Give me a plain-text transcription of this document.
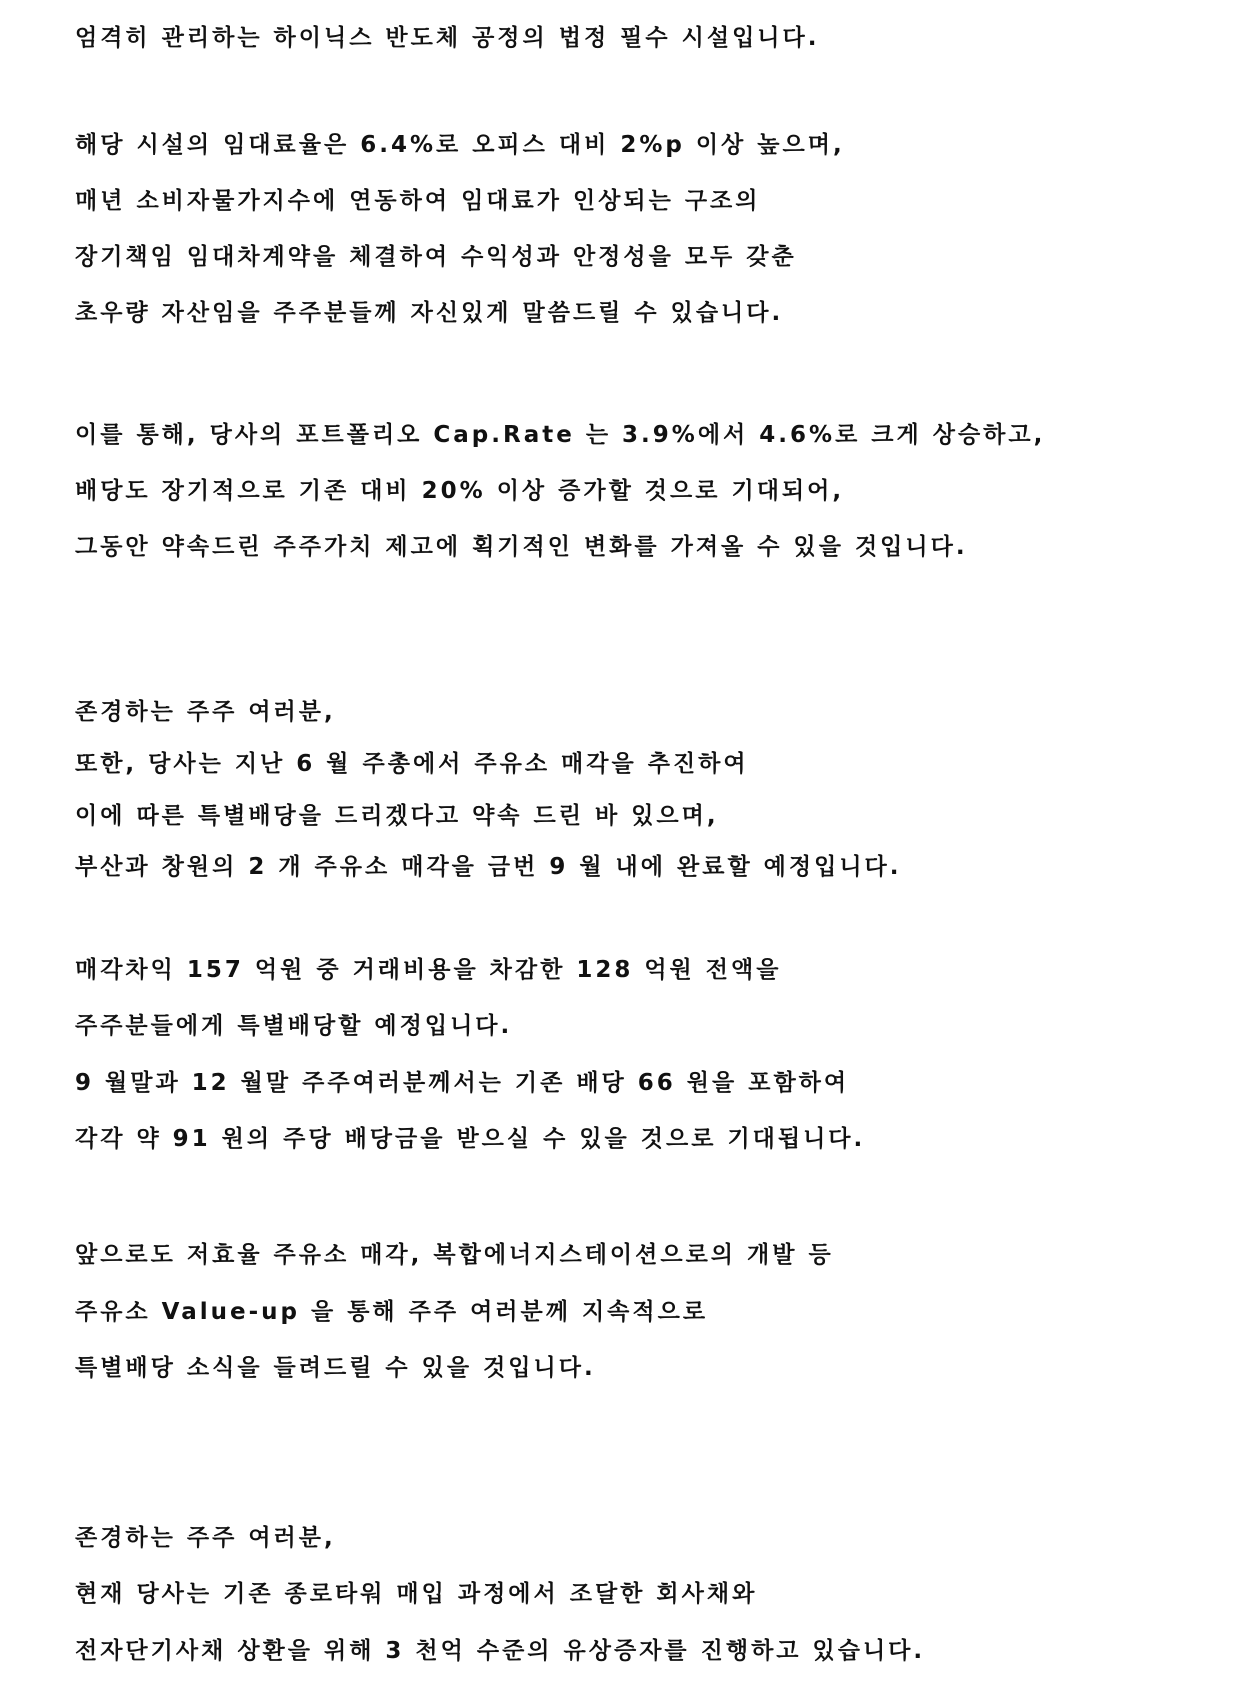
엄격히 관리하는 하이닉스 반도체 공정의 법정 필수 시설입니다.

해당 시설의 임대료율은 6.4%로 오피스 대비 2%p 이상 높으며,

매년 소비자물가지수에 연동하여 임대료가 인상되는 구조의

장기책임 임대차계약을 체결하여 수익성과 안정성을 모두 갖춘

초우량 자산임을 주주분들께 자신있게 말씀드릴 수 있습니다.

이를 통해, 당사의 포트폴리오 Cap.Rate 는 3.9%에서 4.6%로 크게 상승하고,

배당도 장기적으로 기존 대비 20% 이상 증가할 것으로 기대되어,

그동안 약속드린 주주가치 제고에 획기적인 변화를 가져올 수 있을 것입니다.

존경하는 주주 여러분,

또한, 당사는 지난 6 월 주총에서 주유소 매각을 추진하여

이에 따른 특별배당을 드리겠다고 약속 드린 바 있으며,

부산과 창원의 2 개 주유소 매각을 금번 9 월 내에 완료할 예정입니다.

매각차익 157 억원 중 거래비용을 차감한 128 억원 전액을

주주분들에게 특별배당할 예정입니다.

9 월말과 12 월말 주주여러분께서는 기존 배당 66 원을 포함하여

각각 약 91 원의 주당 배당금을 받으실 수 있을 것으로 기대됩니다.

앞으로도 저효율 주유소 매각, 복합에너지스테이션으로의 개발 등

주유소 Value-up 을 통해 주주 여러분께 지속적으로

특별배당 소식을 들려드릴 수 있을 것입니다.

존경하는 주주 여러분,

현재 당사는 기존 종로타워 매입 과정에서 조달한 회사채와

전자단기사채 상환을 위해 3 천억 수준의 유상증자를 진행하고 있습니다.
